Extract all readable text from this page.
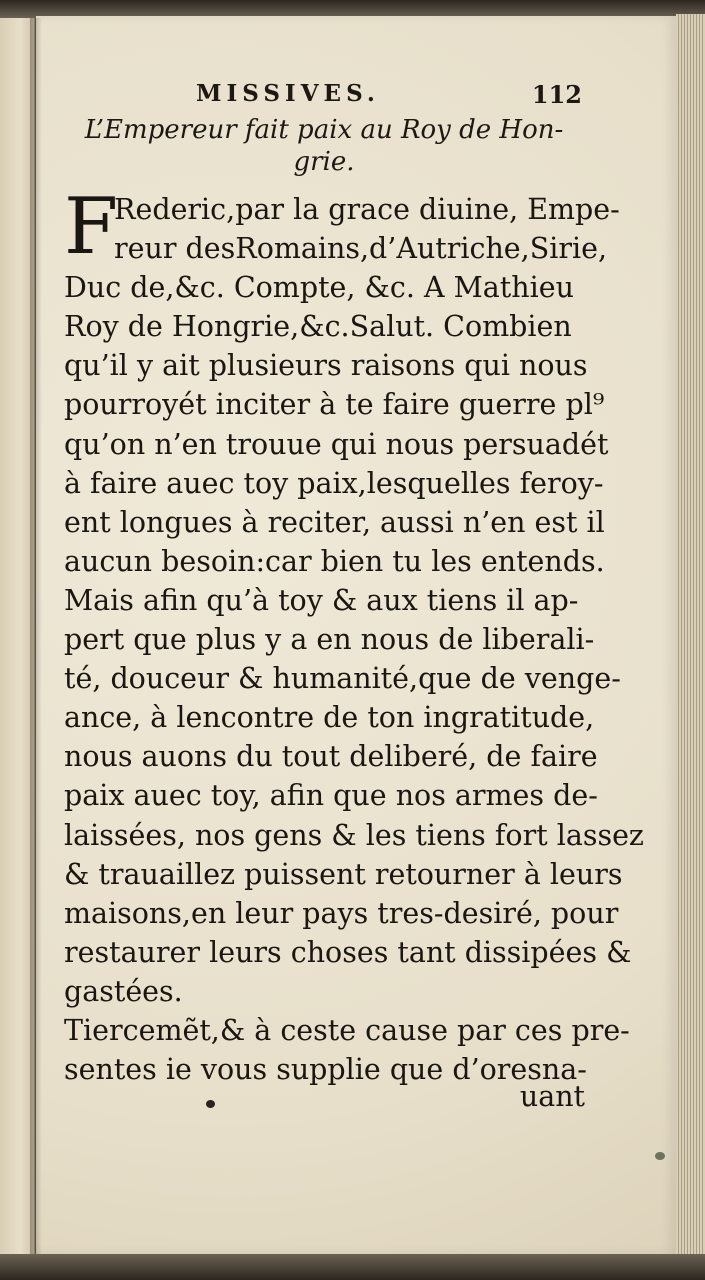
MISSIVES.	112
L’Empereur fait paix au Roy de Hon-
grie.
F
Rederic,par la grace diuine, Empe-
reur desRomains,d’Autriche,Sirie,
Duc de,&c. Compte, &c. A Mathieu
Roy de Hongrie,&c.Salut. Combien
qu’il y ait plusieurs raisons qui nous
pourroyét inciter à te faire guerre pl⁹
qu’on n’en trouue qui nous persuadét
à faire auec toy paix,lesquelles feroy-
ent longues à reciter, aussi n’en est il
aucun besoin:car bien tu les entends.
Mais afin qu’à toy & aux tiens il ap-
pert que plus y a en nous de liberali-
té, douceur & humanité,que de venge-
ance, à lencontre de ton ingratitude,
nous auons du tout deliberé, de faire
paix auec toy, afin que nos armes de-
laissées, nos gens & les tiens fort lassez
& trauaillez puissent retourner à leurs
maisons,en leur pays tres-desiré, pour
restaurer leurs choses tant dissipées &
gastées.
Tiercemẽt,& à ceste cause par ces pre-
sentes ie vous supplie que d’oresna-
uant
